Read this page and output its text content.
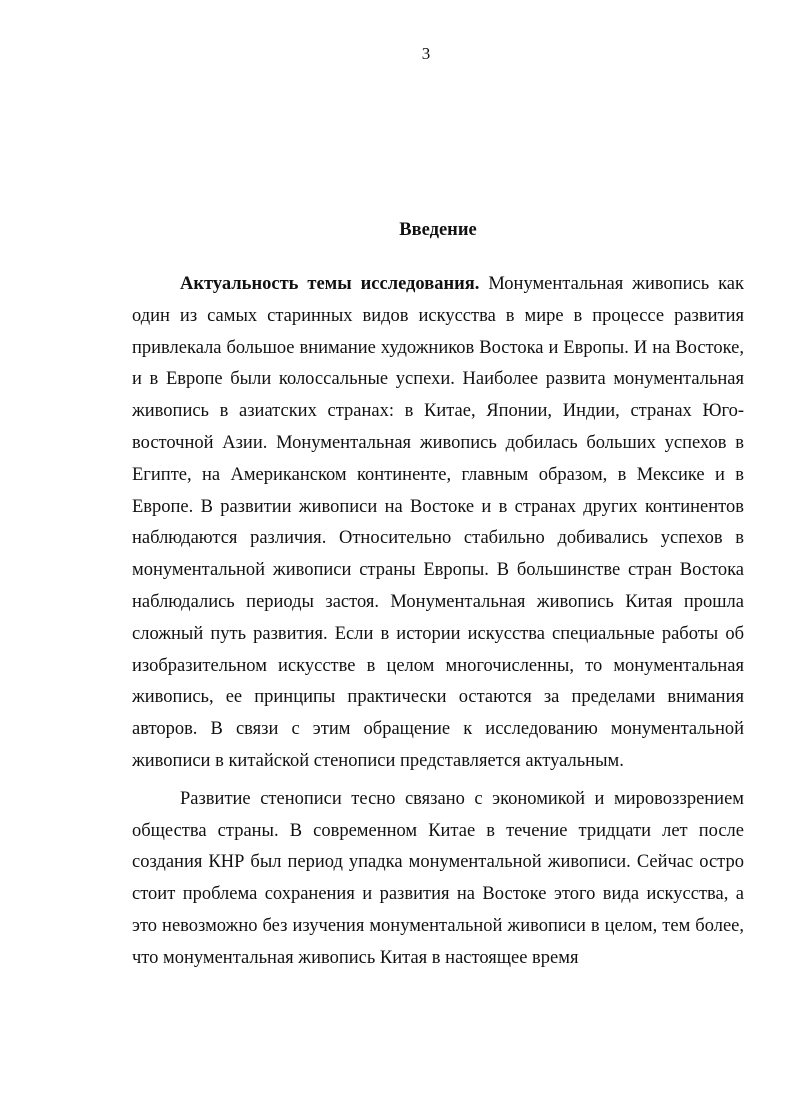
3
Введение

Актуальность темы исследования. Монументальная живопись как один из самых старинных видов искусства в мире в процессе развития привлекала большое внимание художников Востока и Европы. И на Востоке, и в Европе были колоссальные успехи. Наиболее развита монументальная живопись в азиатских странах: в Китае, Японии, Индии, странах Юго-восточной Азии. Монументальная живопись добилась больших успехов в Египте, на Американском континенте, главным образом, в Мексике и в Европе. В развитии живописи на Востоке и в странах других континентов наблюдаются различия. Относительно стабильно добивались успехов в монументальной живописи страны Европы. В большинстве стран Востока наблюдались периоды застоя. Монументальная живопись Китая прошла сложный путь развития. Если в истории искусства специальные работы об изобразительном искусстве в целом многочисленны, то монументальная живопись, ее принципы практически остаются за пределами внимания авторов. В связи с этим обращение к исследованию монументальной живописи в китайской стенописи представляется актуальным.

Развитие стенописи тесно связано с экономикой и мировоззрением общества страны. В современном Китае в течение тридцати лет после создания КНР был период упадка монументальной живописи. Сейчас остро стоит проблема сохранения и развития на Востоке этого вида искусства, а это невозможно без изучения монументальной живописи в целом, тем более, что монументальная живопись Китая в настоящее время
